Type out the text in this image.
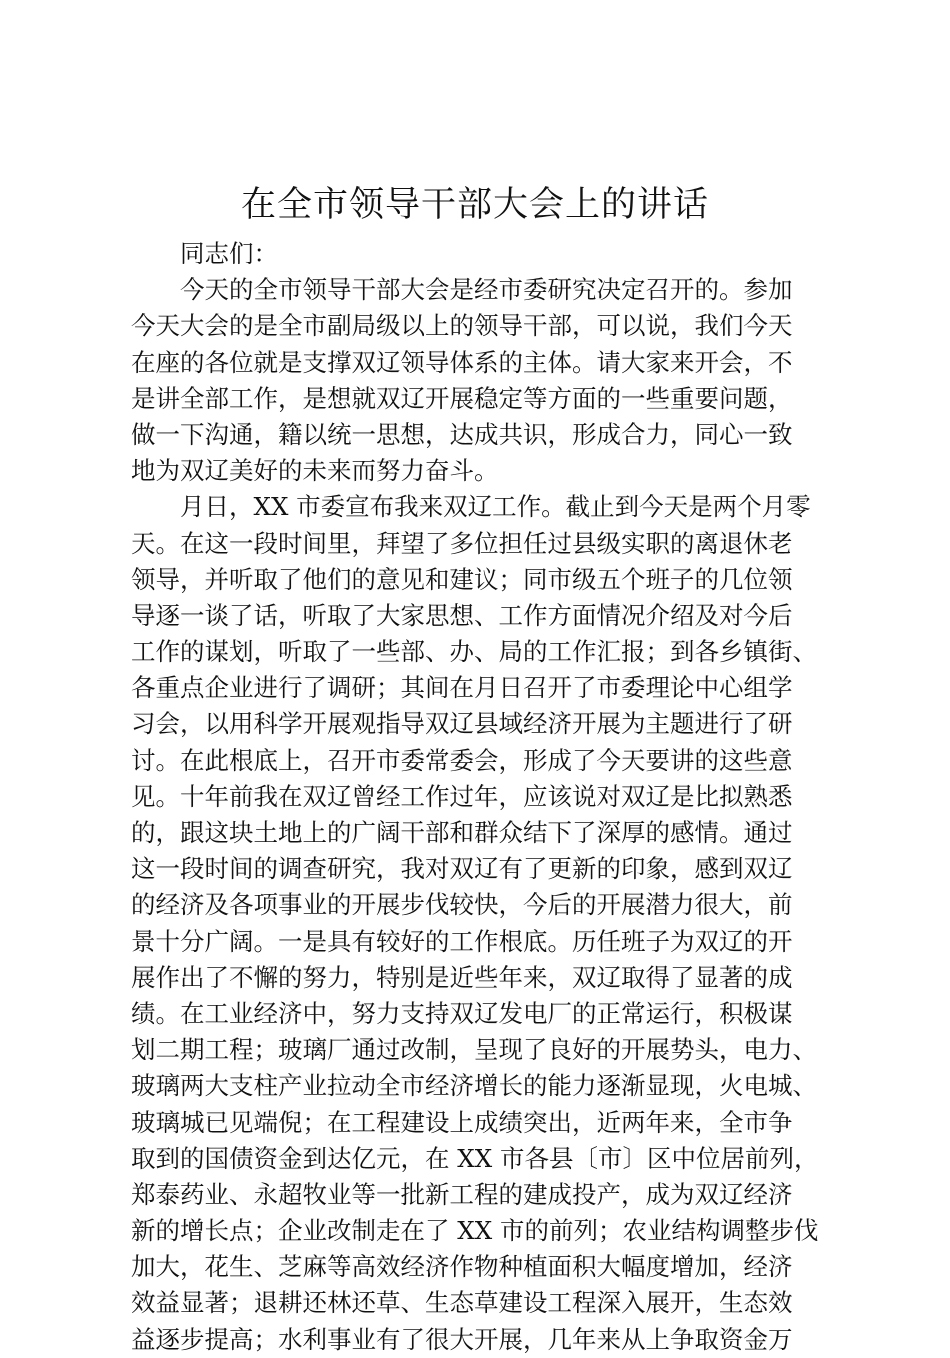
在全市领导干部大会上的讲话
同志们：
今天的全市领导干部大会是经市委研究决定召开的。参加
今天大会的是全市副局级以上的领导干部，可以说，我们今天
在座的各位就是支撑双辽领导体系的主体。请大家来开会，不
是讲全部工作，是想就双辽开展稳定等方面的一些重要问题，
做一下沟通，籍以统一思想，达成共识，形成合力，同心一致
地为双辽美好的未来而努力奋斗。
月日，XX 市委宣布我来双辽工作。截止到今天是两个月零
天。在这一段时间里，拜望了多位担任过县级实职的离退休老
领导，并听取了他们的意见和建议；同市级五个班子的几位领
导逐一谈了话，听取了大家思想、工作方面情况介绍及对今后
工作的谋划，听取了一些部、办、局的工作汇报；到各乡镇街、
各重点企业进行了调研；其间在月日召开了市委理论中心组学
习会，以用科学开展观指导双辽县域经济开展为主题进行了研
讨。在此根底上，召开市委常委会，形成了今天要讲的这些意
见。十年前我在双辽曾经工作过年，应该说对双辽是比拟熟悉
的，跟这块土地上的广阔干部和群众结下了深厚的感情。通过
这一段时间的调查研究，我对双辽有了更新的印象，感到双辽
的经济及各项事业的开展步伐较快，今后的开展潜力很大，前
景十分广阔。一是具有较好的工作根底。历任班子为双辽的开
展作出了不懈的努力，特别是近些年来，双辽取得了显著的成
绩。在工业经济中，努力支持双辽发电厂的正常运行，积极谋
划二期工程；玻璃厂通过改制，呈现了良好的开展势头，电力、
玻璃两大支柱产业拉动全市经济增长的能力逐渐显现，火电城、
玻璃城已见端倪；在工程建设上成绩突出，近两年来，全市争
取到的国债资金到达亿元，在 XX 市各县〔市〕区中位居前列，
郑泰药业、永超牧业等一批新工程的建成投产，成为双辽经济
新的增长点；企业改制走在了 XX 市的前列；农业结构调整步伐
加大，花生、芝麻等高效经济作物种植面积大幅度增加，经济
效益显著；退耕还林还草、生态草建设工程深入展开，生态效
益逐步提高；水利事业有了很大开展，几年来从上争取资金万
